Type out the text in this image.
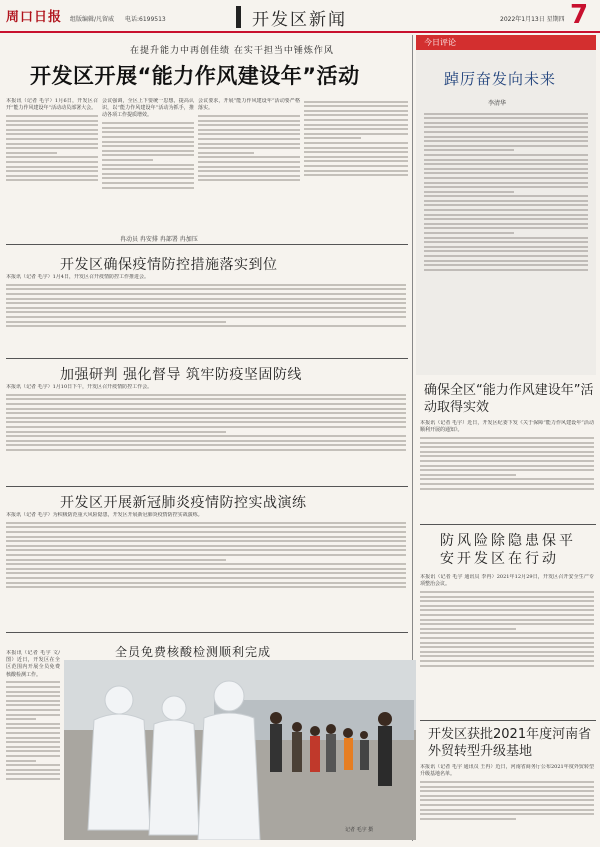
周口日报 组版编辑/凡留威 电话:6199513	开发区新闻	2022年1月13日 星期四 7
在提升能力中再创佳绩 在实干担当中锤炼作风
开发区开展“能力作风建设年”活动
本报讯（记者 毛宇）1月6日，开发区召开“能力作风建设年”活动动员部署大会。
会议强调，全区上下要统一思想，提高认识，以“能力作风建设年”活动为抓手，推动各项工作提质增效。
会议要求，开展“能力作风建设年”活动要严格落实。
冉动员 冉安排 冉部署 冉加压
开发区确保疫情防控措施落实到位
本报讯（记者 毛宇）1月4日，开发区召开疫情防控工作推进会。
加强研判 强化督导 筑牢防疫坚固防线
本报讯（记者 毛宇）1月10日下午，开发区召开疫情防控工作会。
开发区开展新冠肺炎疫情防控实战演练
本报讯（记者 毛宇）为积极防范重大风险隐患，开发区开展新冠肺炎疫情防控实战演练。
本报讯（记者 毛宇 文/图）近日，开发区在全区范围内开展全员免费核酸检测工作。
全员免费核酸检测顺利完成
记者 毛宇 摄
今日评论
踔厉奋发向未来
李清华
确保全区“能力作风建设年”活动取得实效
本报讯（记者 毛宇）近日，开发区纪委下发《关于保障“能力作风建设年”活动顺利开展的通知》。
防风险除隐患保平安开发区在行动
本报讯（记者 毛宇 通讯员 李冉）2021年12月29日，开发区召开安全生产专项整治会议。
开发区获批2021年度河南省外贸转型升级基地
本报讯（记者 毛宇 通讯员 王冉）近日，河南省商务厅公布2021年度外贸转型升级基地名单。
